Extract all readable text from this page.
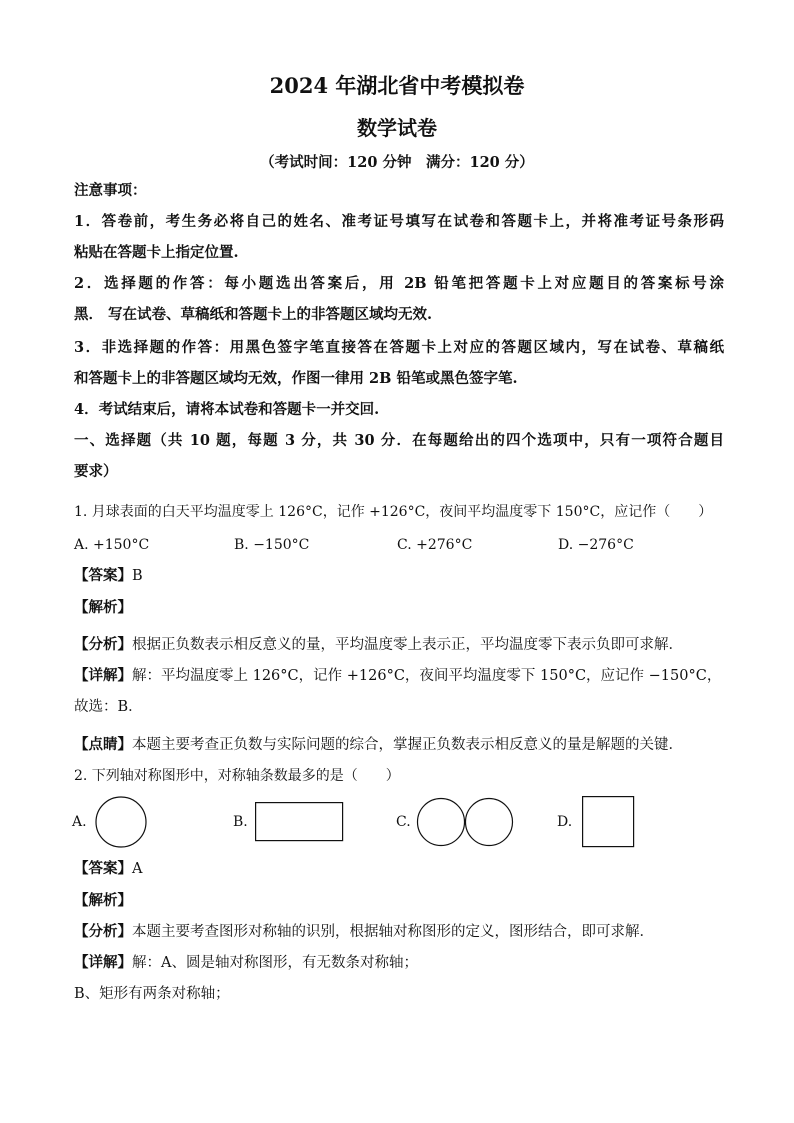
2024 年湖北省中考模拟卷
数学试卷
（考试时间：120 分钟　满分：120 分）
注意事项：
1．答卷前，考生务必将自己的姓名、准考证号填写在试卷和答题卡上，并将准考证号条形码
粘贴在答题卡上指定位置.
2．选择题的作答：每小题选出答案后，用 2B 铅笔把答题卡上对应题目的答案标号涂
黑． 写在试卷、草稿纸和答题卡上的非答题区域均无效.
3．非选择题的作答：用黑色签字笔直接答在答题卡上对应的答题区域内，写在试卷、草稿纸
和答题卡上的非答题区域均无效，作图一律用 2B 铅笔或黑色签字笔.
4．考试结束后，请将本试卷和答题卡一并交回.
一、选择题（共 10 题，每题 3 分，共 30 分．在每题给出的四个选项中，只有一项符合题目
要求）
1. 月球表面的白天平均温度零上 126°C，记作 +126°C，夜间平均温度零下 150°C，应记作（　　）
A. +150°C	B. −150°C	C. +276°C	D. −276°C
【答案】B
【解析】
【分析】根据正负数表示相反意义的量，平均温度零上表示正，平均温度零下表示负即可求解．
【详解】解：平均温度零上 126°C，记作 +126°C，夜间平均温度零下 150°C，应记作 −150°C，
故选：B．
【点睛】本题主要考查正负数与实际问题的综合，掌握正负数表示相反意义的量是解题的关键．
2. 下列轴对称图形中，对称轴条数最多的是（　　）
A.	B.	C.	D.
【答案】A
【解析】
【分析】本题主要考查图形对称轴的识别，根据轴对称图形的定义，图形结合，即可求解．
【详解】解：A、圆是轴对称图形，有无数条对称轴；
B、矩形有两条对称轴；
